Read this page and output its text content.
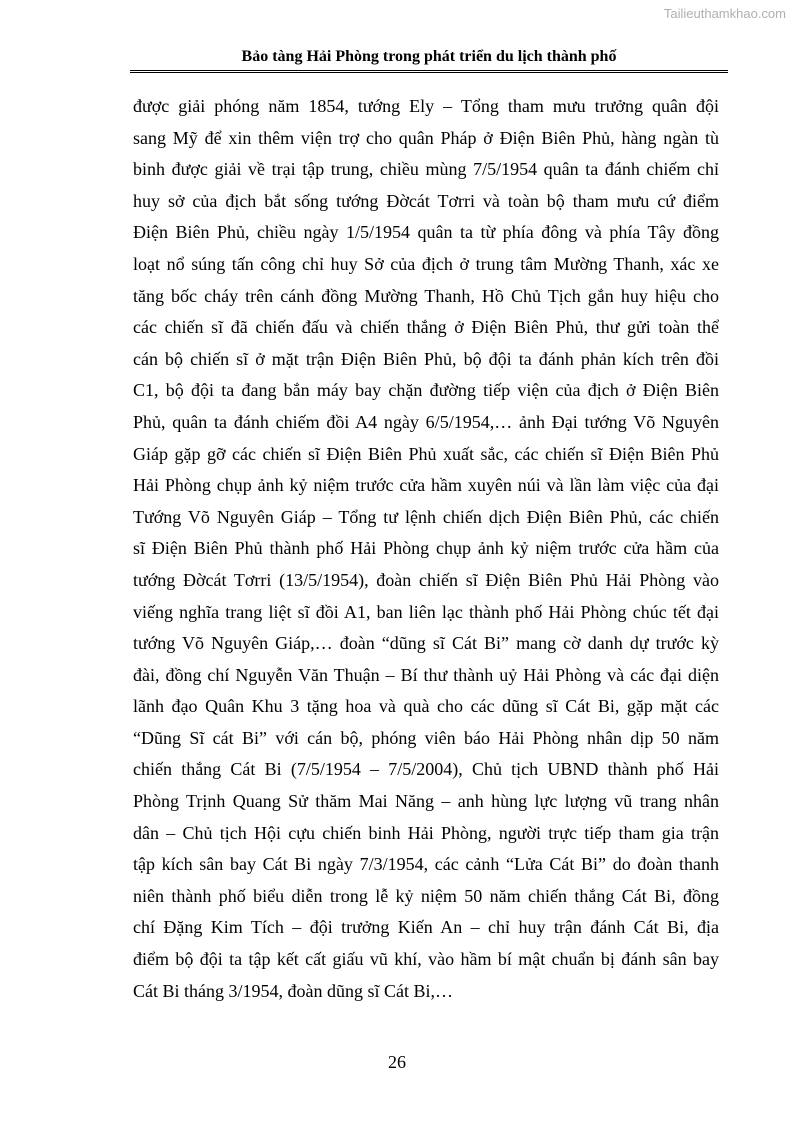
Tailieuthamkhao.com
Bảo tàng Hải Phòng trong phát triển du lịch thành phố
được giải phóng năm 1854, tướng Ely – Tổng tham mưu trưởng quân đội
sang Mỹ để xin thêm viện trợ cho quân Pháp ở Điện Biên Phủ, hàng ngàn tù
binh được giải về trại tập trung, chiều mùng 7/5/1954 quân ta đánh chiếm chỉ
huy sở của địch bắt sống tướng Đờcát Tơrri và toàn bộ tham mưu cứ điểm
Điện Biên Phủ, chiều ngày 1/5/1954 quân ta từ phía đông và phía Tây đồng
loạt nổ súng tấn công chỉ huy Sở của địch ở trung tâm Mường Thanh, xác xe
tăng bốc cháy trên cánh đồng Mường Thanh, Hồ Chủ Tịch gắn huy hiệu cho
các chiến sĩ đã chiến đấu và chiến thắng ở Điện Biên Phủ, thư gửi toàn thể
cán bộ chiến sĩ ở mặt trận Điện Biên Phủ, bộ đội ta đánh phản kích trên đồi
C1, bộ đội ta đang bắn máy bay chặn đường tiếp viện của địch ở Điện Biên
Phủ, quân ta đánh chiếm đồi A4 ngày 6/5/1954,… ảnh Đại tướng Võ Nguyên
Giáp gặp gỡ các chiến sĩ Điện Biên Phủ xuất sắc, các chiến sĩ Điện Biên Phủ
Hải Phòng chụp ảnh kỷ niệm trước cửa hầm xuyên núi và lần làm việc của đại
Tướng Võ Nguyên Giáp – Tổng tư lệnh chiến dịch Điện Biên Phủ, các chiến
sĩ Điện Biên Phủ thành phố Hải Phòng chụp ảnh kỷ niệm trước cửa hầm của
tướng Đờcát Tơrri (13/5/1954), đoàn chiến sĩ Điện Biên Phủ Hải Phòng vào
viếng nghĩa trang liệt sĩ đồi A1, ban liên lạc thành phố Hải Phòng chúc tết đại
tướng Võ Nguyên Giáp,… đoàn “dũng sĩ Cát Bi” mang cờ danh dự trước kỳ
đài, đồng chí Nguyễn Văn Thuận – Bí thư thành uỷ Hải Phòng và các đại diện
lãnh đạo Quân Khu 3 tặng hoa và quà cho các dũng sĩ Cát Bi, gặp mặt các
“Dũng Sĩ cát Bi” với cán bộ, phóng viên báo Hải Phòng nhân dịp 50 năm
chiến thắng Cát Bi (7/5/1954 – 7/5/2004), Chủ tịch UBND thành phố Hải
Phòng Trịnh Quang Sử thăm Mai Năng – anh hùng lực lượng vũ trang nhân
dân – Chủ tịch Hội cựu chiến binh Hải Phòng, người trực tiếp tham gia trận
tập kích sân bay Cát Bi ngày 7/3/1954, các cảnh “Lửa Cát Bi” do đoàn thanh
niên thành phố biểu diễn trong lễ kỷ niệm 50 năm chiến thắng Cát Bi, đồng
chí Đặng Kim Tích – đội trưởng Kiến An – chỉ huy trận đánh Cát Bi, địa
điểm bộ đội ta tập kết cất giấu vũ khí, vào hầm bí mật chuẩn bị đánh sân bay
Cát Bi tháng 3/1954, đoàn dũng sĩ Cát Bi,…
26
